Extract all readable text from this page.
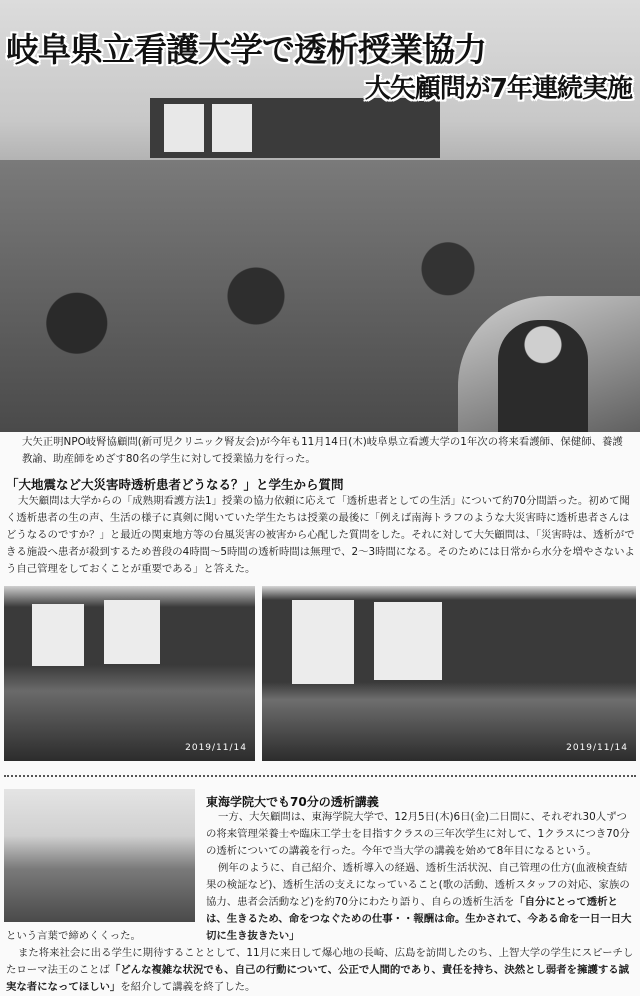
岐阜県立看護大学で透析授業協力
大矢顧問が7年連続実施
大矢正明NPO岐腎協顧問(新可児クリニック腎友会)が今年も11月14日(木)岐阜県立看護大学の1年次の将来看護師、保健師、養護教諭、助産師をめざす80名の学生に対して授業協力を行った。
「大地震など大災害時透析患者どうなる？」と学生から質問
大矢顧問は大学からの「成熟期看護方法1」授業の協力依頼に応えて「透析患者としての生活」について約70分間語った。初めて聞く透析患者の生の声、生活の様子に真剣に聞いていた学生たちは授業の最後に「例えば南海トラフのような大災害時に透析患者さんはどうなるのですか？」と最近の関東地方等の台風災害の被害から心配した質問をした。それに対して大矢顧問は、「災害時は、透析ができる施設へ患者が殺到するため普段の4時間〜5時間の透析時間は無理で、2〜3時間になる。そのためには日常から水分を増やさないよう自己管理をしておくことが重要である」と答えた。
2019/11/14	2019/11/14
東海学院大でも70分の透析講義
一方、大矢顧問は、東海学院大学で、12月5日(木)6日(金)二日間に、それぞれ30人ずつの将来管理栄養士や臨床工学士を目指すクラスの三年次学生に対して、1クラスにつき70分の透析についての講義を行った。今年で当大学の講義を始めて8年目になるという。
例年のように、自己紹介、透析導入の経過、透析生活状況、自己管理の仕方(血液検査結果の検証など)、透析生活の支えになっていること(歌の活動、透析スタッフの対応、家族の協力、患者会活動など)を約70分にわたり語り、自らの透析生活を「自分にとって透析とは、生きるため、命をつなぐための仕事・・報酬は命。生かされて、今ある命を一日一日大切に生き抜きたい」
という言葉で締めくくった。
また将来社会に出る学生に期待することとして、11月に来日して爆心地の長崎、広島を訪問したのち、上智大学の学生にスピーチしたローマ法王のことば「どんな複雑な状況でも、自己の行動について、公正で人間的であり、責任を持ち、決然とし弱者を擁護する誠実な者になってほしい」を紹介して講義を終了した。
